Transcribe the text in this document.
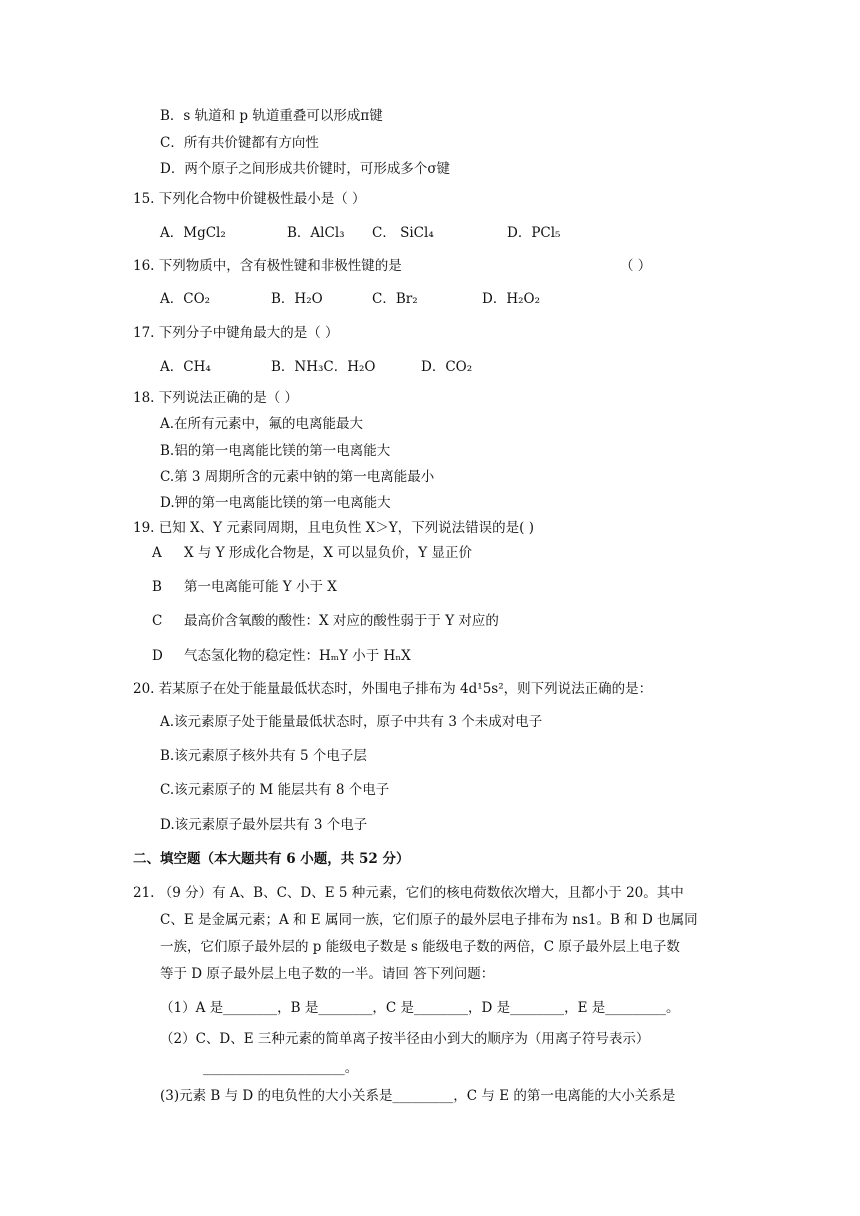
B．s 轨道和 p 轨道重叠可以形成π键
C．所有共价键都有方向性
D．两个原子之间形成共价键时，可形成多个σ键
15. 下列化合物中价键极性最小是（ ）
A．MgCl₂	B．AlCl₃ C． SiCl₄	D．PCl₅
16. 下列物质中，含有极性键和非极性键的是	（ ）
A．CO₂	B．H₂O	C．Br₂	D．H₂O₂
17. 下列分子中键角最大的是（ ）
A．CH₄	B．NH₃C．H₂O	D．CO₂
18. 下列说法正确的是（ ）
A.在所有元素中，氟的电离能最大
B.铝的第一电离能比镁的第一电离能大
C.第 3 周期所含的元素中钠的第一电离能最小
D.钾的第一电离能比镁的第一电离能大
19. 已知 X、Y 元素同周期，且电负性 X＞Y，下列说法错误的是( )
A X 与 Y 形成化合物是，X 可以显负价，Y 显正价
B 第一电离能可能 Y 小于 X
C 最高价含氧酸的酸性：X 对应的酸性弱于于 Y 对应的
D 气态氢化物的稳定性：HₘY 小于 HₙX
20. 若某原子在处于能量最低状态时，外围电子排布为 4d¹5s²，则下列说法正确的是：
A.该元素原子处于能量最低状态时，原子中共有 3 个未成对电子
B.该元素原子核外共有 5 个电子层
C.该元素原子的 M 能层共有 8 个电子
D.该元素原子最外层共有 3 个电子
二、填空题（本大题共有 6 小题，共 52 分）
21. （9 分）有 A、B、C、D、E 5 种元素，它们的核电荷数依次增大，且都小于 20。其中
C、E 是金属元素；A 和 E 属同一族，它们原子的最外层电子排布为 ns1。B 和 D 也属同
一族，它们原子最外层的 p 能级电子数是 s 能级电子数的两倍，C 原子最外层上电子数
等于 D 原子最外层上电子数的一半。请回 答下列问题：
（1）A 是________，B 是________，C 是________，D 是________，E 是_________。
（2）C、D、E 三种元素的简单离子按半径由小到大的顺序为（用离子符号表示）
_____________________。
(3)元素 B 与 D 的电负性的大小关系是_________，C 与 E 的第一电离能的大小关系是
